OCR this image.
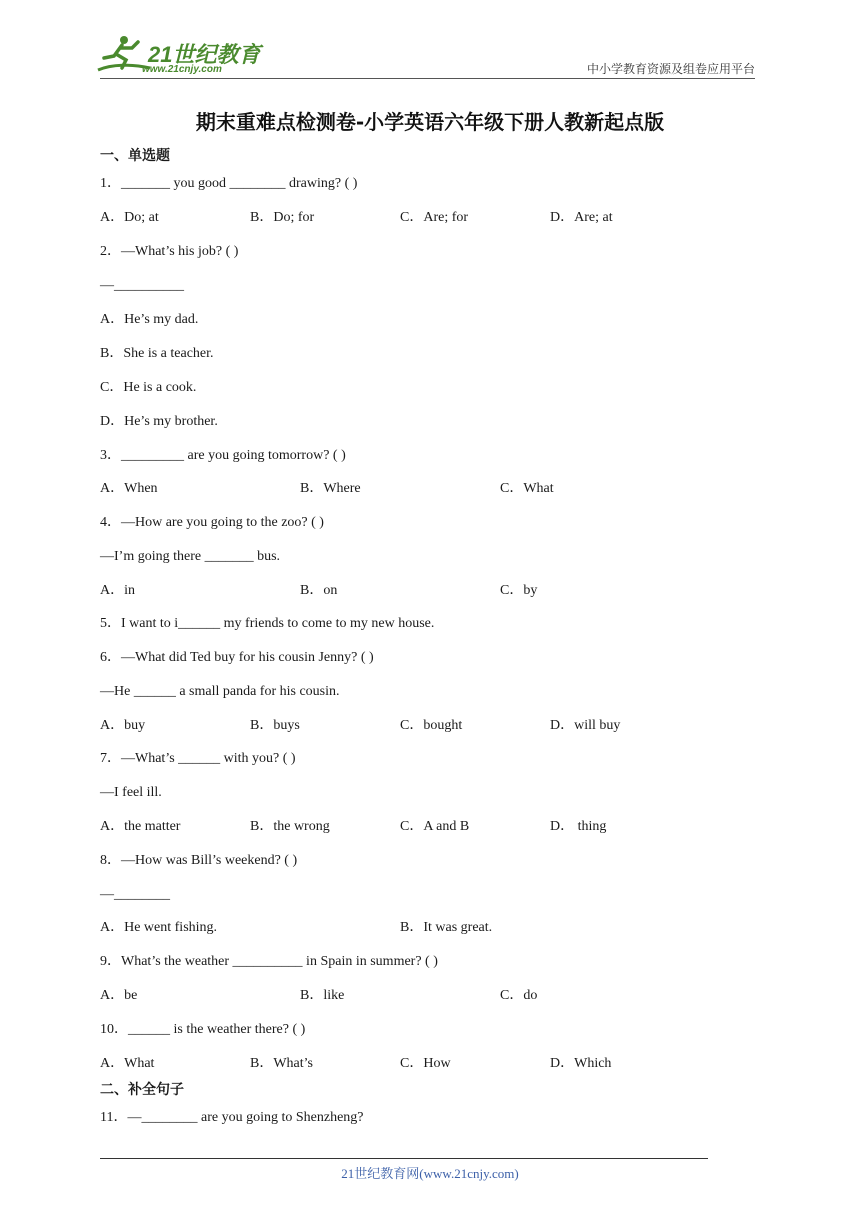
21世纪教育
www.21cnjy.com	中小学教育资源及组卷应用平台
期末重难点检测卷-小学英语六年级下册人教新起点版
一、单选题
1．_______ you good ________ drawing? ( )
A．Do; at	B．Do; for	C．Are; for	D．Are; at
2．—What’s his job? ( )
—__________
A．He’s my dad.
B．She is a teacher.
C．He is a cook.
D．He’s my brother.
3．_________ are you going tomorrow? ( )
A．When	B．Where	C．What
4．—How are you going to the zoo? ( )
—I’m going there _______ bus.
A．in	B．on	C．by
5．I want to i______ my friends to come to my new house.
6．—What did Ted buy for his cousin Jenny? ( )
—He ______ a small panda for his cousin.
A．buy	B．buys	C．bought	D．will buy
7．—What’s ______ with you? ( )
—I feel ill.
A．the matter	B．the wrong	C．A and B	D． thing
8．—How was Bill’s weekend? ( )
—________
A．He went fishing.	B．It was great.
9．What’s the weather __________ in Spain in summer? ( )
A．be	B．like	C．do
10．______ is the weather there? ( )
A．What	B．What’s	C．How	D．Which
二、补全句子
11．—________ are you going to Shenzheng?
21世纪教育网(www.21cnjy.com)
